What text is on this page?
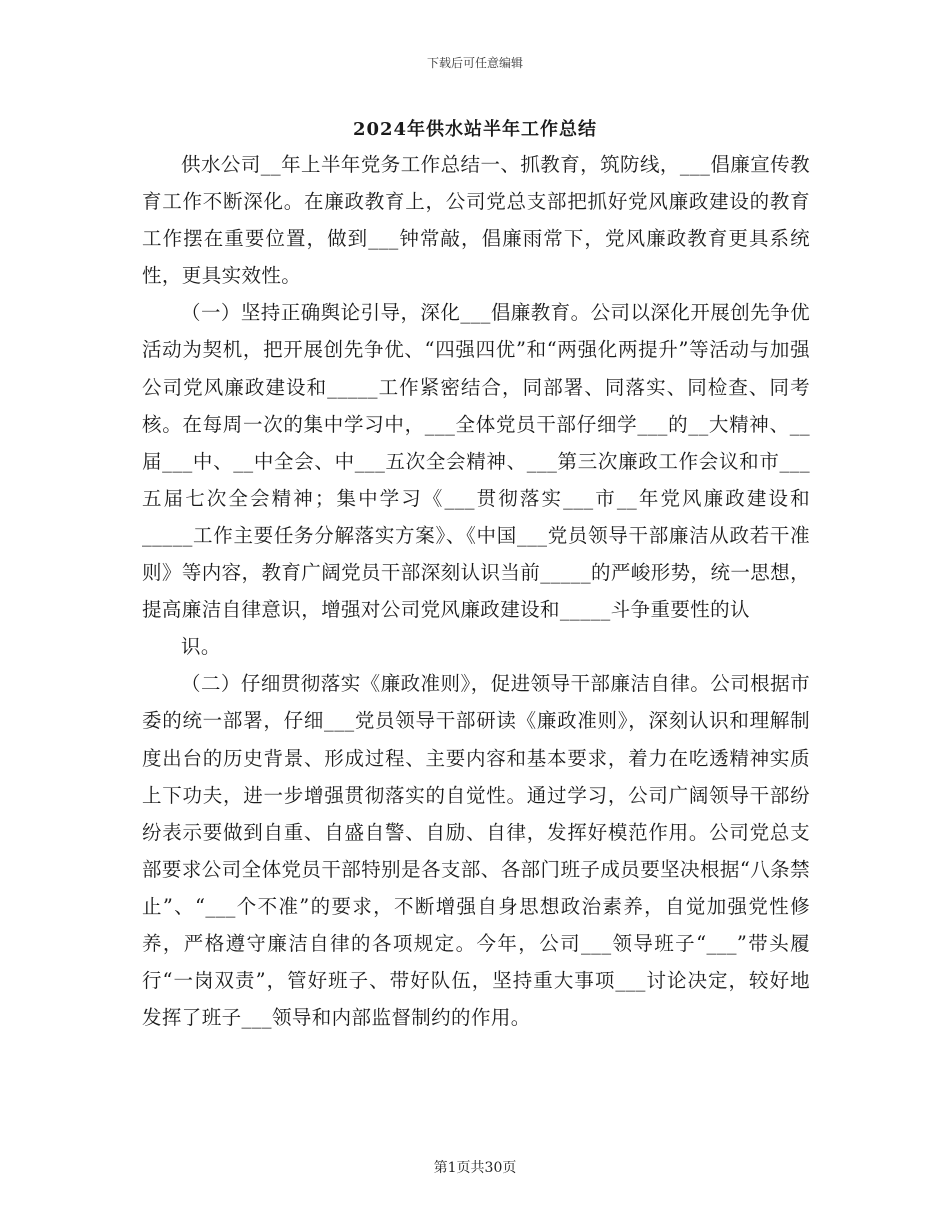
下载后可任意编辑
2024年供水站半年工作总结

供水公司__年上半年党务工作总结一、抓教育，筑防线，___倡廉宣传教育工作不断深化。在廉政教育上，公司党总支部把抓好党风廉政建设的教育工作摆在重要位置，做到___钟常敲，倡廉雨常下，党风廉政教育更具系统性，更具实效性。

（一）坚持正确舆论引导，深化___倡廉教育。公司以深化开展创先争优活动为契机，把开展创先争优、“四强四优”和“两强化两提升”等活动与加强公司党风廉政建设和_____工作紧密结合，同部署、同落实、同检查、同考核。在每周一次的集中学习中，___全体党员干部仔细学___的__大精神、__届___中、__中全会、中___五次全会精神、___第三次廉政工作会议和市___五届七次全会精神；集中学习《___贯彻落实___市__年党风廉政建设和_____工作主要任务分解落实方案》、《中国___党员领导干部廉洁从政若干准则》等内容，教育广阔党员干部深刻认识当前_____的严峻形势，统一思想，提高廉洁自律意识，增强对公司党风廉政建设和_____斗争重要性的认

识。

（二）仔细贯彻落实《廉政准则》，促进领导干部廉洁自律。公司根据市委的统一部署，仔细___党员领导干部研读《廉政准则》，深刻认识和理解制度出台的历史背景、形成过程、主要内容和基本要求，着力在吃透精神实质上下功夫，进一步增强贯彻落实的自觉性。通过学习，公司广阔领导干部纷纷表示要做到自重、自盛自警、自励、自律，发挥好模范作用。公司党总支部要求公司全体党员干部特别是各支部、各部门班子成员要坚决根据“八条禁止”、“___个不准”的要求，不断增强自身思想政治素养，自觉加强党性修养，严格遵守廉洁自律的各项规定。今年，公司___领导班子“___”带头履行“一岗双责”，管好班子、带好队伍，坚持重大事项___讨论决定，较好地发挥了班子___领导和内部监督制约的作用。

第1页共30页
